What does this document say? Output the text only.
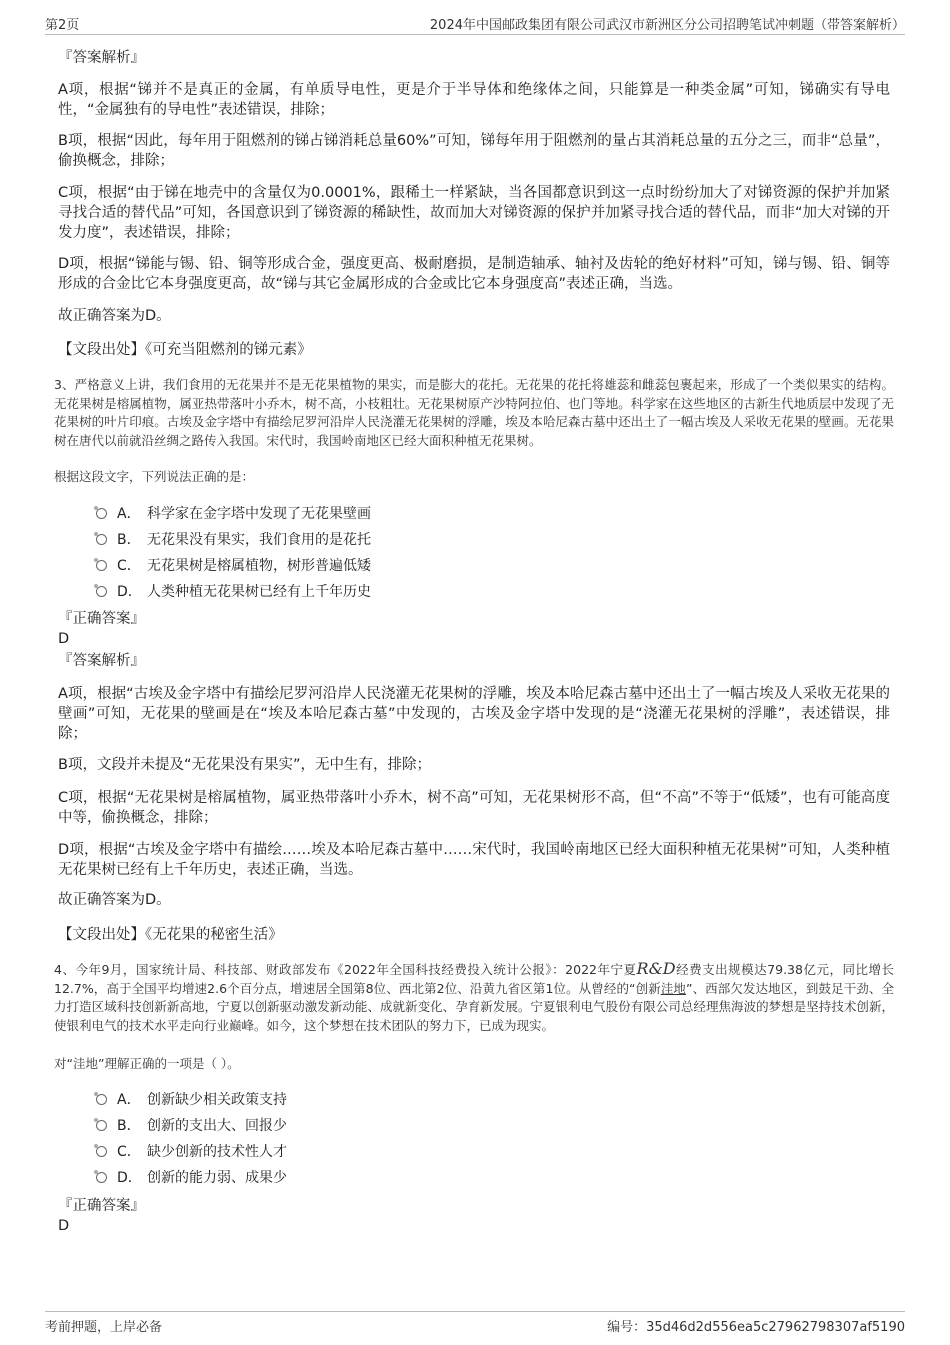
第2页	2024年中国邮政集团有限公司武汉市新洲区分公司招聘笔试冲刺题（带答案解析）
『答案解析』
A项，根据“锑并不是真正的金属，有单质导电性，更是介于半导体和绝缘体之间，只能算是一种类金属”可知，锑确实有导电性，“金属独有的导电性”表述错误，排除；
B项，根据“因此，每年用于阻燃剂的锑占锑消耗总量60%”可知，锑每年用于阻燃剂的量占其消耗总量的五分之三，而非“总量”，偷换概念，排除；
C项，根据“由于锑在地壳中的含量仅为0.0001%，跟稀土一样紧缺，当各国都意识到这一点时纷纷加大了对锑资源的保护并加紧寻找合适的替代品”可知，各国意识到了锑资源的稀缺性，故而加大对锑资源的保护并加紧寻找合适的替代品，而非“加大对锑的开发力度”，表述错误，排除；
D项，根据“锑能与锡、铅、铜等形成合金，强度更高、极耐磨损，是制造轴承、轴衬及齿轮的绝好材料”可知，锑与锡、铅、铜等形成的合金比它本身强度更高，故“锑与其它金属形成的合金或比它本身强度高”表述正确，当选。
故正确答案为D。
【文段出处】《可充当阻燃剂的锑元素》
3、严格意义上讲，我们食用的无花果并不是无花果植物的果实，而是膨大的花托。无花果的花托将雄蕊和雌蕊包裹起来，形成了一个类似果实的结构。无花果树是榕属植物，属亚热带落叶小乔木，树不高，小枝粗壮。无花果树原产沙特阿拉伯、也门等地。科学家在这些地区的古新生代地质层中发现了无花果树的叶片印痕。古埃及金字塔中有描绘尼罗河沿岸人民浇灌无花果树的浮雕，埃及本哈尼森古墓中还出土了一幅古埃及人采收无花果的壁画。无花果树在唐代以前就沿丝绸之路传入我国。宋代时，我国岭南地区已经大面积种植无花果树。
根据这段文字，下列说法正确的是：
A． 科学家在金字塔中发现了无花果壁画
B． 无花果没有果实，我们食用的是花托
C． 无花果树是榕属植物，树形普遍低矮
D． 人类种植无花果树已经有上千年历史
『正确答案』
D
『答案解析』
A项，根据“古埃及金字塔中有描绘尼罗河沿岸人民浇灌无花果树的浮雕，埃及本哈尼森古墓中还出土了一幅古埃及人采收无花果的壁画”可知，无花果的壁画是在“埃及本哈尼森古墓”中发现的，古埃及金字塔中发现的是“浇灌无花果树的浮雕”，表述错误，排除；
B项，文段并未提及“无花果没有果实”，无中生有，排除；
C项，根据“无花果树是榕属植物，属亚热带落叶小乔木，树不高”可知，无花果树形不高，但“不高”不等于“低矮”，也有可能高度中等，偷换概念，排除；
D项，根据“古埃及金字塔中有描绘……埃及本哈尼森古墓中……宋代时，我国岭南地区已经大面积种植无花果树”可知，人类种植无花果树已经有上千年历史，表述正确，当选。
故正确答案为D。
【文段出处】《无花果的秘密生活》
4、今年9月，国家统计局、科技部、财政部发布《2022年全国科技经费投入统计公报》：2022年宁夏R&D经费支出规模达79.38亿元，同比增长12.7%，高于全国平均增速2.6个百分点，增速居全国第8位、西北第2位、沿黄九省区第1位。从曾经的“创新洼地”、西部欠发达地区，到鼓足干劲、全力打造区域科技创新新高地，宁夏以创新驱动激发新动能、成就新变化、孕育新发展。宁夏银利电气股份有限公司总经理焦海波的梦想是坚持技术创新，使银利电气的技术水平走向行业巅峰。如今，这个梦想在技术团队的努力下，已成为现实。
对“洼地”理解正确的一项是（ ）。
A． 创新缺少相关政策支持
B． 创新的支出大、回报少
C． 缺少创新的技术性人才
D． 创新的能力弱、成果少
『正确答案』
D
考前押题，上岸必备	编号：35d46d2d556ea5c27962798307af5190
